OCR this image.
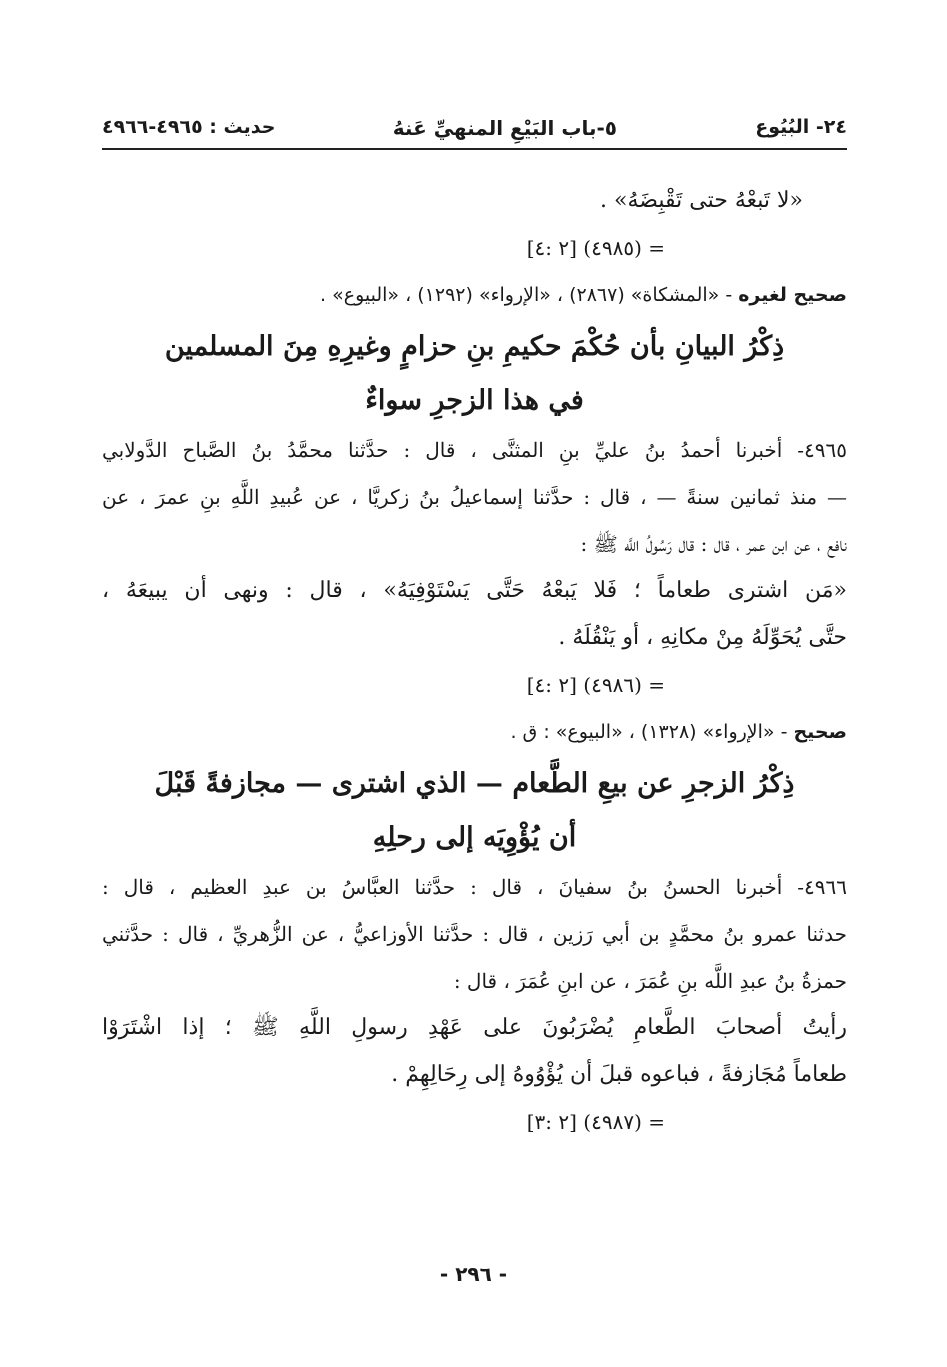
٢٤- البُيُوع
٥-باب البَيْعِ المنهيِّ عَنهُ
حديث : ٤٩٦٥-٤٩٦٦
«لا تَبعْهُ حتى تَقْبِضَهُ» .
= (٤٩٨٥) [٢ :٤]
صحيح لغيره - «المشكاة» (٢٨٦٧) ، «الإرواء» (١٢٩٢) ، «البيوع» .
ذِكْرُ البيانِ بأن حُكْمَ حكيمِ بنِ حزامٍ وغيرِهِ مِنَ المسلمين
في هذا الزجرِ سواءٌ
٤٩٦٥- أخبرنا أحمدُ بنُ عليِّ بنِ المثنَّى ، قال : حدَّثنا محمَّدُ بنُ الصَّباح الدَّولابي
— منذ ثمانين سنةً — ، قال : حدَّثنا إسماعيلُ بنُ زكريَّا ، عن عُبيدِ اللَّهِ بنِ عمرَ ، عن
نافع ، عن ابن عمر ، قال : قال رَسُولُ اللَّه ﷺ :
«مَن اشترى طعاماً ؛ فَلا يَبعْهُ حَتَّى يَسْتَوْفِيَهُ» ، قال : ونهى أن يبيعَهُ ،
حتَّى يُحَوِّلَهُ مِنْ مكانِهِ ، أو يَنْقُلَهُ .
= (٤٩٨٦) [٢ :٤]
صحيح - «الإرواء» (١٣٢٨) ، «البيوع» : ق .
ذِكْرُ الزجرِ عن بيعِ الطَّعام — الذي اشترى — مجازفةً قَبْلَ
أن يُؤْوِيَه إلى رحلِهِ
٤٩٦٦- أخبرنا الحسنُ بنُ سفيانَ ، قال : حدَّثنا العبَّاسُ بن عبدِ العظيم ، قال :
حدثنا عمرو بنُ محمَّدٍ بن أبي رَزين ، قال : حدَّثنا الأوزاعيُّ ، عن الزُّهريِّ ، قال : حدَّثني
حمزةُ بنُ عبدِ اللَّه بنِ عُمَرَ ، عن ابنِ عُمَرَ ، قال :
رأيتُ أصحابَ الطَّعامِ يُضْرَبُونَ على عَهْدِ رسولِ اللَّهِ ﷺ ؛ إذا اشْتَرَوْا
طعاماً مُجَازفةً ، فباعوه قبلَ أن يُؤْوُوهُ إلى رِحَالِهِمْ .
= (٤٩٨٧) [٢ :٣]
- ٢٩٦ -
